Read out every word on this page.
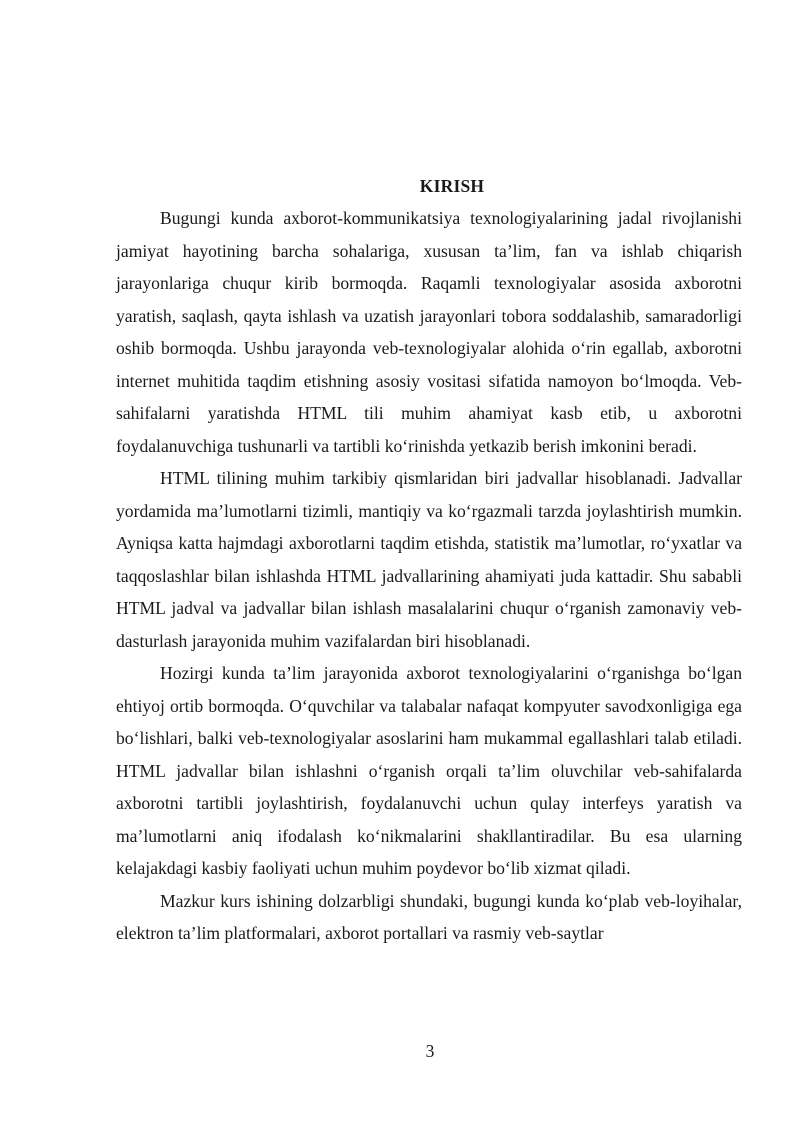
KIRISH

Bugungi kunda axborot-kommunikatsiya texnologiyalarining jadal rivojlanishi jamiyat hayotining barcha sohalariga, xususan ta’lim, fan va ishlab chiqarish jarayonlariga chuqur kirib bormoqda. Raqamli texnologiyalar asosida axborotni yaratish, saqlash, qayta ishlash va uzatish jarayonlari tobora soddalashib, samaradorligi oshib bormoqda. Ushbu jarayonda veb-texnologiyalar alohida o‘rin egallab, axborotni internet muhitida taqdim etishning asosiy vositasi sifatida namoyon bo‘lmoqda. Veb-sahifalarni yaratishda HTML tili muhim ahamiyat kasb etib, u axborotni foydalanuvchiga tushunarli va tartibli ko‘rinishda yetkazib berish imkonini beradi.

HTML tilining muhim tarkibiy qismlaridan biri jadvallar hisoblanadi. Jadvallar yordamida ma’lumotlarni tizimli, mantiqiy va ko‘rgazmali tarzda joylashtirish mumkin. Ayniqsa katta hajmdagi axborotlarni taqdim etishda, statistik ma’lumotlar, ro‘yxatlar va taqqoslashlar bilan ishlashda HTML jadvallarining ahamiyati juda kattadir. Shu sababli HTML jadval va jadvallar bilan ishlash masalalarini chuqur o‘rganish zamonaviy veb-dasturlash jarayonida muhim vazifalardan biri hisoblanadi.

Hozirgi kunda ta’lim jarayonida axborot texnologiyalarini o‘rganishga bo‘lgan ehtiyoj ortib bormoqda. O‘quvchilar va talabalar nafaqat kompyuter savodxonligiga ega bo‘lishlari, balki veb-texnologiyalar asoslarini ham mukammal egallashlari talab etiladi. HTML jadvallar bilan ishlashni o‘rganish orqali ta’lim oluvchilar veb-sahifalarda axborotni tartibli joylashtirish, foydalanuvchi uchun qulay interfeys yaratish va ma’lumotlarni aniq ifodalash ko‘nikmalarini shakllantiradilar. Bu esa ularning kelajakdagi kasbiy faoliyati uchun muhim poydevor bo‘lib xizmat qiladi.

Mazkur kurs ishining dolzarbligi shundaki, bugungi kunda ko‘plab veb-loyihalar, elektron ta’lim platformalari, axborot portallari va rasmiy veb-saytlar

3
